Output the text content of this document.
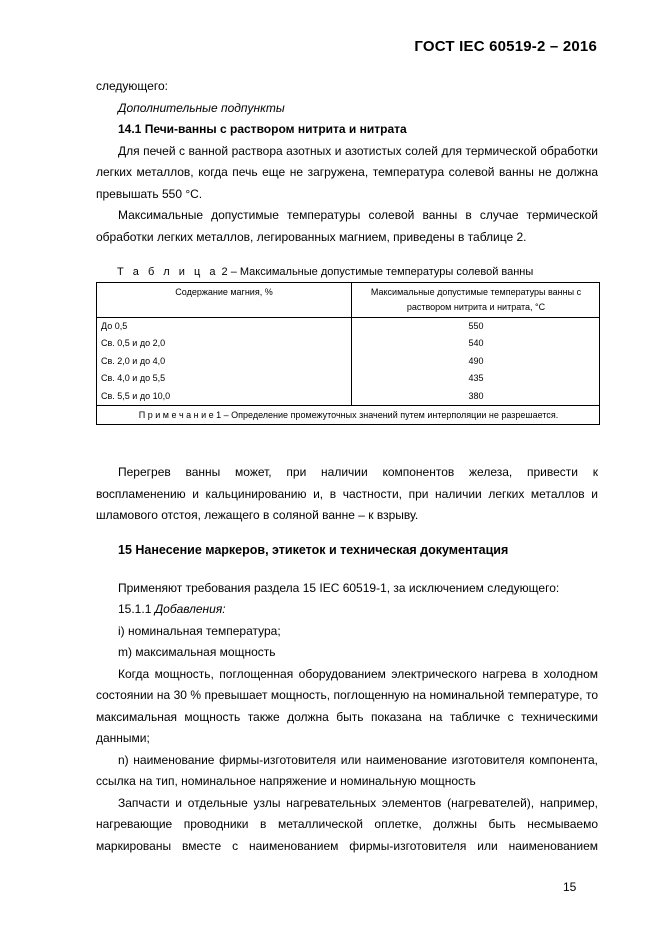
ГОСТ IEC 60519-2 – 2016

следующего:

Дополнительные подпункты

14.1 Печи-ванны с раствором нитрита и нитрата

Для печей с ванной раствора азотных и азотистых солей для термической обработки легких металлов, когда печь еще не загружена, температура солевой ванны не должна превышать 550 °С.

Максимальные допустимые температуры солевой ванны в случае термической обработки легких металлов, легированных магнием, приведены в таблице 2.

Т а б л и ц а 2 – Максимальные допустимые температуры солевой ванны

Содержание магния, %	Максимальные допустимые температуры ванны с раствором нитрита и нитрата, °С
До 0,5	550
Св. 0,5 и до 2,0	540
Св. 2,0 и до 4,0	490
Св. 4,0 и до 5,5	435
Св. 5,5 и до 10,0	380
П р и м е ч а н и е 1 – Определение промежуточных значений путем интерполяции не разрешается.	

Перегрев ванны может, при наличии компонентов железа, привести к воспламенению и кальцинированию и, в частности, при наличии легких металлов и шламового отстоя, лежащего в соляной ванне – к взрыву.

15 Нанесение маркеров, этикеток и техническая документация

Применяют требования раздела 15 IEC 60519-1, за исключением следующего:

15.1.1 Добавления:

i) номинальная температура;

m) максимальная мощность

Когда мощность, поглощенная оборудованием электрического нагрева в холодном состоянии на 30 % превышает мощность, поглощенную на номинальной температуре, то максимальная мощность также должна быть показана на табличке с техническими данными;

n) наименование фирмы-изготовителя или наименование изготовителя компонента, ссылка на тип, номинальное напряжение и номинальную мощность

Запчасти и отдельные узлы нагревательных элементов (нагревателей), например, нагревающие проводники в металлической оплетке, должны быть несмываемо маркированы вместе с наименованием фирмы-изготовителя или наименованием

15
